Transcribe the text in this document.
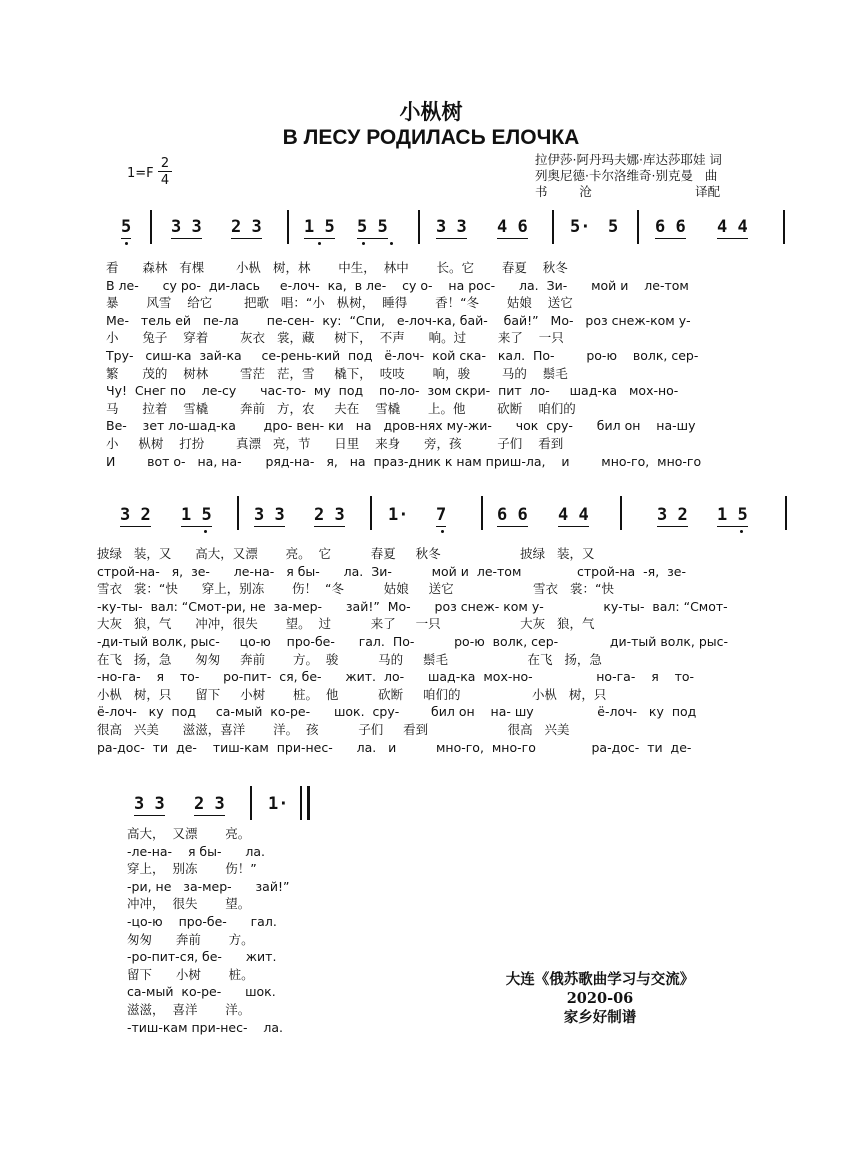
小枞树
В ЛЕСУ РОДИЛАСЬ ЕЛОЧКА
1=F
2
4
拉伊莎·阿丹玛夫娜·库达莎耶娃 词
列奥尼德·卡尔洛维奇·别克曼   曲
书        沧                          译配
5 3 3 2 3 1 5 5 5	3 3 4 6 5· 5 6 6 4 4
看      森林   有棵        小枞   树，林       中生，  林中       长。它       春夏    秋冬
В ле-      су ро-  ди-лась     е-лоч-  ка,  в ле-    су о-    на рос-      ла.  Зи-      мой и    ле-том
暴       风雪    给它        把歌   唱：“小   枞树，  睡得       香！“冬       姑娘    送它
Ме-   тель ей   пе-ла       пе-сен-  ку:  “Спи,   е-лоч-ка, бай-    бай!”   Мо-   роз снеж-ком у-
小      兔子    穿着        灰衣   裳，藏     树下，  不声      响。过        来了    一只
Тру-   сиш-ка  зай-ка     се-рень-кий  под   ё-лоч-  кой ска-   кал.  По-        ро-ю    волк, сер-
繁      茂的    树林        雪茫   茫，雪     橇下，  吱吱       响，骏        马的    鬃毛
Чу!  Снег по    ле-су      час-то-  му  под    по-ло-  зом скри-  пит  ло-     шад-ка   мох-но-
马      拉着    雪橇        奔前   方，农     夫在    雪橇       上。他        砍断    咱们的
Ве-    зет ло-шад-ка       дро- вен- ки   на   дров-нях му-жи-      чок  сру-      бил он    на-шу
小     枞树    打扮        真漂   亮，节      日里    来身      旁，孩         子们    看到
И        вот о-   на, на-      ряд-на-   я,   на  праз-дник к нам приш-ла,    и        мно-го,  мно-го
3 2 1 5 3 3 2 3	1· 7	6 6 4 4	3 2 1 5
披绿   装，又      高大，又漂       亮。  它          春夏     秋冬                    披绿   装，又
строй-на-   я,  зе-      ле-на-   я бы-      ла.  Зи-          мой и  ле-том              строй-на  -я,  зе-
雪衣   裳：“快      穿上，别冻       伤！  “冬          姑娘     送它                    雪衣   裳：“快
-ку-ты-  вал: “Смот-ри, не  за-мер-      зай!”  Мо-      роз снеж- ком у-               ку-ты-  вал: “Смот-
大灰   狼，气      冲冲，很失       望。  过          来了     一只                    大灰   狼，气
-ди-тый волк, рыс-     цо-ю    про-бе-      гал.  По-          ро-ю  волк, сер-             ди-тый волк, рыс-
在飞   扬，急      匆匆     奔前       方。  骏          马的     鬃毛                    在飞   扬，急
-но-га-    я    то-      ро-пит-  ся, бе-      жит.  ло-      шад-ка  мох-но-                но-га-    я    то-
小枞   树，只      留下     小树       桩。  他          砍断     咱们的                  小枞   树，只
ё-лоч-   ку  под     са-мый  ко-ре-      шок.  сру-        бил он    на- шу                ё-лоч-   ку  под
很高   兴美      滋滋，喜洋       洋。  孩          子们     看到                    很高   兴美
ра-дос-  ти  де-    тиш-кам  при-нес-      ла.   и          мно-го,  мно-го              ра-дос-  ти  де-
3 3 2 3	1·
高大，  又漂       亮。
-ле-на-    я бы-      ла.
穿上，  别冻       伤！”
-ри, не   за-мер-      зай!”
冲冲，  很失       望。
-цо-ю    про-бе-      гал.
匆匆      奔前       方。
-ро-пит-ся, бе-      жит.
留下      小树       桩。
са-мый  ко-ре-      шок.
滋滋，  喜洋       洋。
-тиш-кам при-нес-    ла.
大连《俄苏歌曲学习与交流》
2020-06
家乡好制谱
